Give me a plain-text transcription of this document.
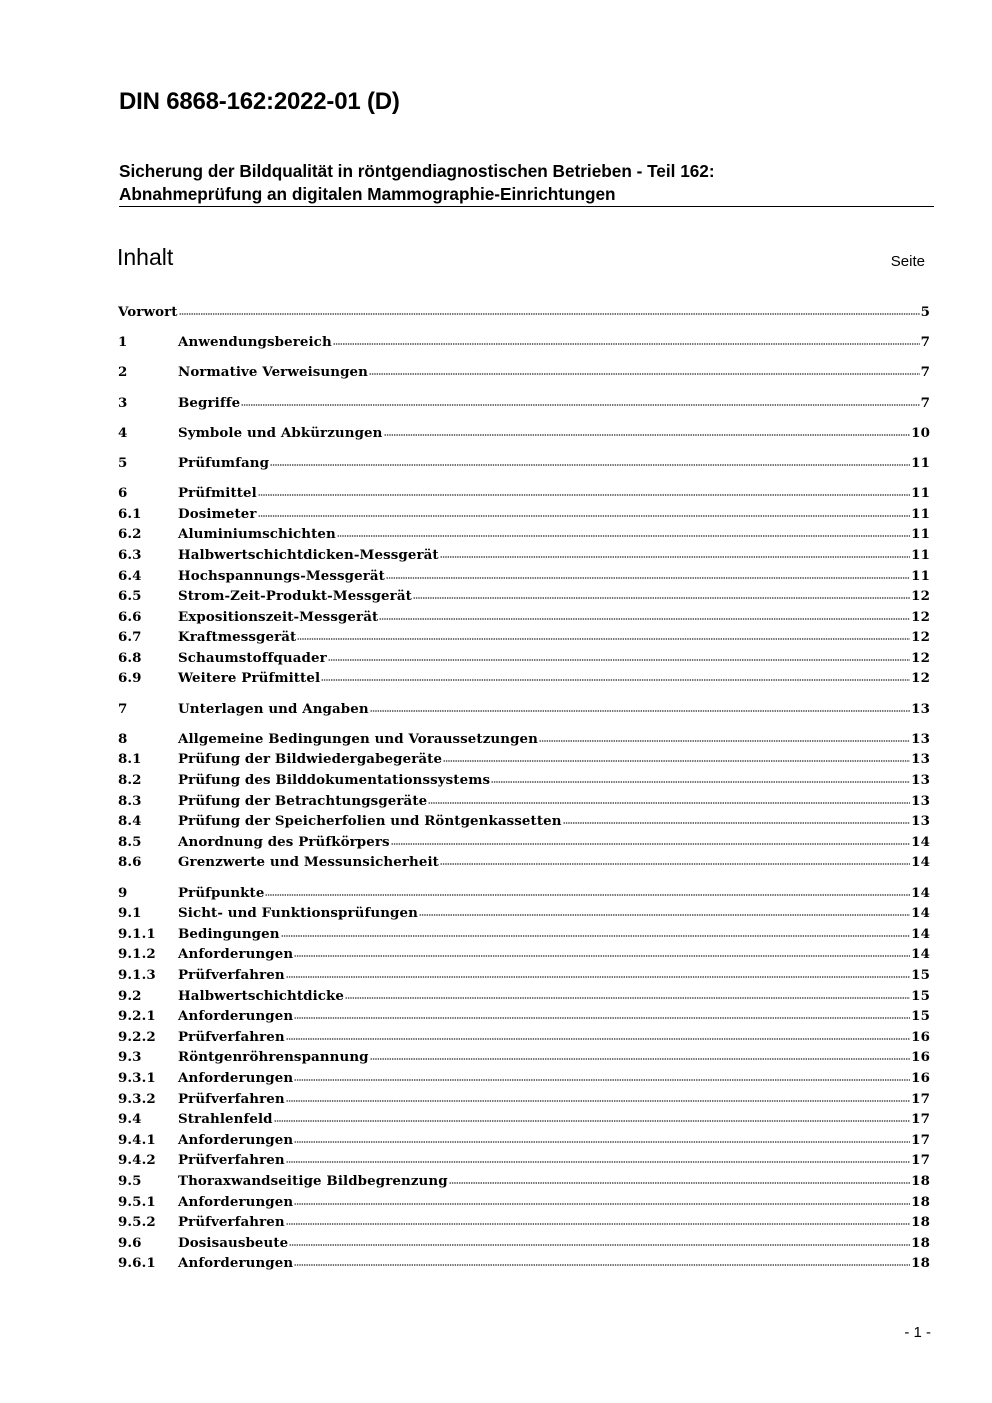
DIN 6868-162:2022-01 (D)
Sicherung der Bildqualität in röntgendiagnostischen Betrieben - Teil 162:
Abnahmeprüfung an digitalen Mammographie-Einrichtungen
Inhalt	Seite
Vorwort	5
1	Anwendungsbereich	7
2	Normative Verweisungen	7
3	Begriffe	7
4	Symbole und Abkürzungen	10
5	Prüfumfang	11
6	Prüfmittel	11
6.1	Dosimeter	11
6.2	Aluminiumschichten	11
6.3	Halbwertschichtdicken-Messgerät	11
6.4	Hochspannungs-Messgerät	11
6.5	Strom-Zeit-Produkt-Messgerät	12
6.6	Expositionszeit-Messgerät	12
6.7	Kraftmessgerät	12
6.8	Schaumstoffquader	12
6.9	Weitere Prüfmittel	12
7	Unterlagen und Angaben	13
8	Allgemeine Bedingungen und Voraussetzungen	13
8.1	Prüfung der Bildwiedergabegeräte	13
8.2	Prüfung des Bilddokumentationssystems	13
8.3	Prüfung der Betrachtungsgeräte	13
8.4	Prüfung der Speicherfolien und Röntgenkassetten	13
8.5	Anordnung des Prüfkörpers	14
8.6	Grenzwerte und Messunsicherheit	14
9	Prüfpunkte	14
9.1	Sicht- und Funktionsprüfungen	14
9.1.1	Bedingungen	14
9.1.2	Anforderungen	14
9.1.3	Prüfverfahren	15
9.2	Halbwertschichtdicke	15
9.2.1	Anforderungen	15
9.2.2	Prüfverfahren	16
9.3	Röntgenröhrenspannung	16
9.3.1	Anforderungen	16
9.3.2	Prüfverfahren	17
9.4	Strahlenfeld	17
9.4.1	Anforderungen	17
9.4.2	Prüfverfahren	17
9.5	Thoraxwandseitige Bildbegrenzung	18
9.5.1	Anforderungen	18
9.5.2	Prüfverfahren	18
9.6	Dosisausbeute	18
9.6.1	Anforderungen	18
- 1 -
